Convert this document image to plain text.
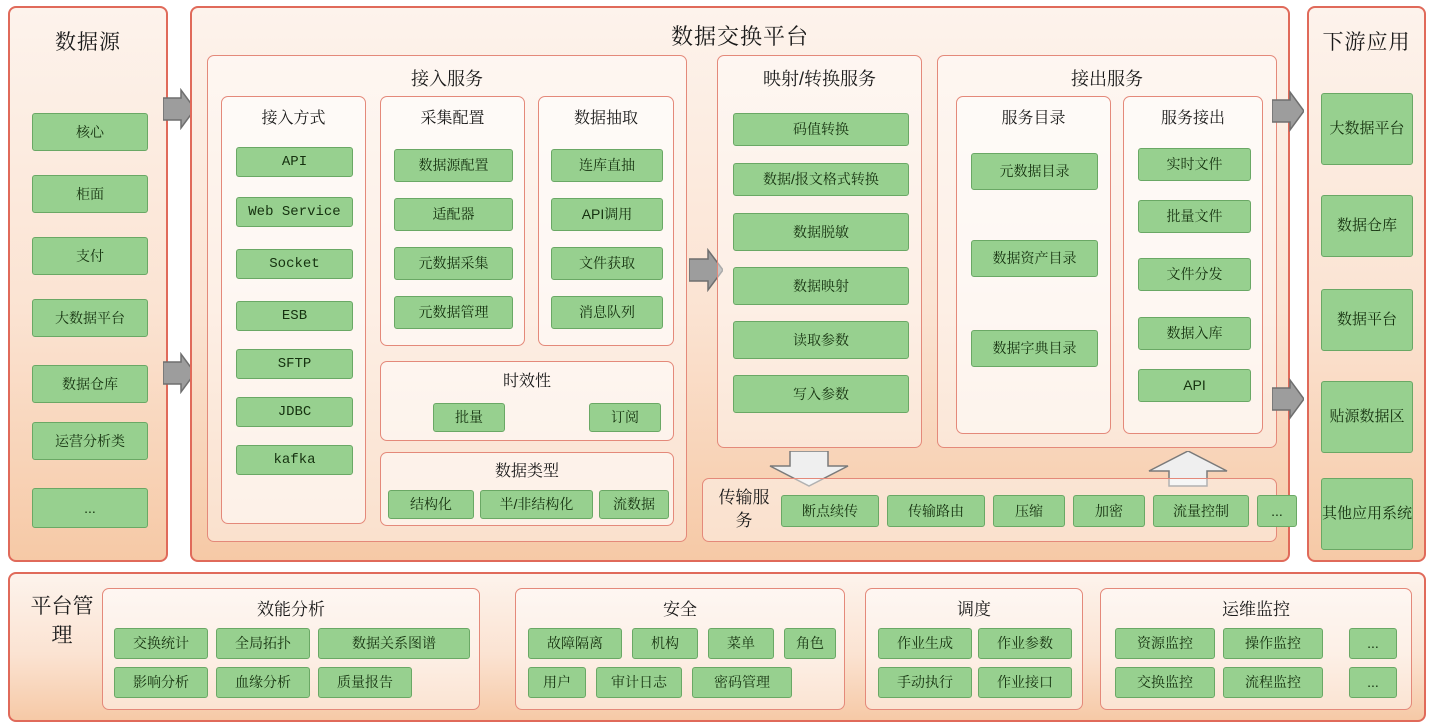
数据源
核心
柜面
支付
大数据平台
数据仓库
运营分析类
...
数据交换平台
接入服务
接入方式
API
Web Service
Socket
ESB
SFTP
JDBC
kafka
采集配置
数据源配置
适配器
元数据采集
元数据管理
数据抽取
连库直抽
API调用
文件获取
消息队列
时效性
批量	订阅
数据类型
结构化	半/非结构化	流数据
映射/转换服务
码值转换
数据/报文格式转换
数据脱敏
数据映射
读取参数
写入参数
接出服务
服务目录
元数据目录
数据资产目录
数据字典目录
服务接出
实时文件
批量文件
文件分发
数据入库
API
传输服务	断点续传	传输路由	压缩	加密	流量控制	...
下游应用
大数据平台
数据仓库
数据平台
贴源数据区
其他应用系统
平台管理
效能分析
交换统计	全局拓扑	数据关系图谱
影响分析	血缘分析	质量报告
安全
故障隔离	机构	菜单	角色
用户	审计日志	密码管理
调度
作业生成	作业参数
手动执行	作业接口
运维监控
资源监控	操作监控	...
交换监控	流程监控	...
